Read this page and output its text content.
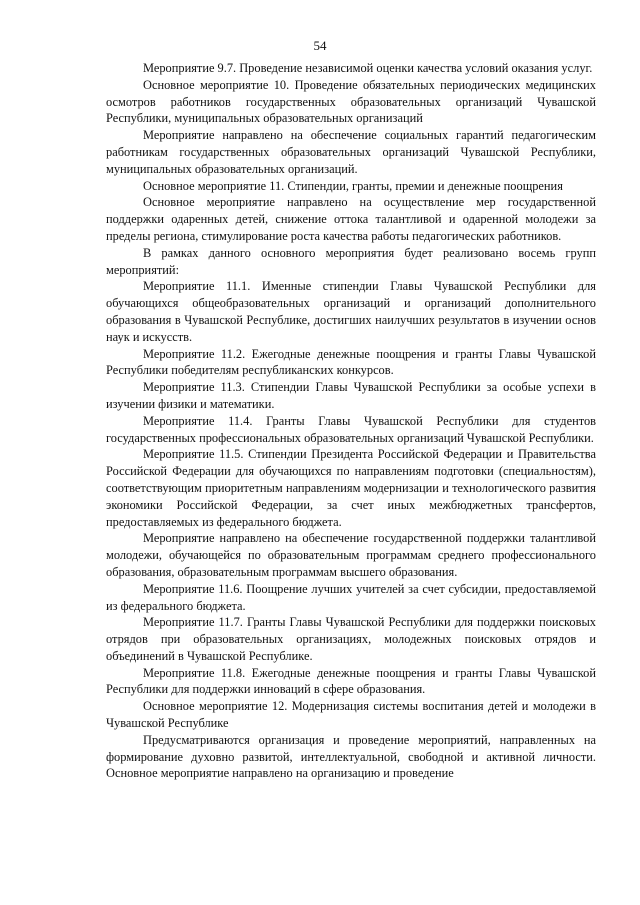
54

Мероприятие 9.7. Проведение независимой оценки качества условий оказания услуг.

Основное мероприятие 10. Проведение обязательных периодических медицинских осмотров работников государственных образовательных организаций Чувашской Республики, муниципальных образовательных организаций

Мероприятие направлено на обеспечение социальных гарантий педагогическим работникам государственных образовательных организаций Чувашской Республики, муниципальных образовательных организаций.

Основное мероприятие 11. Стипендии, гранты, премии и денежные поощрения

Основное мероприятие направлено на осуществление мер государственной поддержки одаренных детей, снижение оттока талантливой и одаренной молодежи за пределы региона, стимулирование роста качества работы педагогических работников.

В рамках данного основного мероприятия будет реализовано восемь групп мероприятий:

Мероприятие 11.1. Именные стипендии Главы Чувашской Республики для обучающихся общеобразовательных организаций и организаций дополнительного образования в Чувашской Республике, достигших наилучших результатов в изучении основ наук и искусств.

Мероприятие 11.2. Ежегодные денежные поощрения и гранты Главы Чувашской Республики победителям республиканских конкурсов.

Мероприятие 11.3. Стипендии Главы Чувашской Республики за особые успехи в изучении физики и математики.

Мероприятие 11.4. Гранты Главы Чувашской Республики для студентов государственных профессиональных образовательных организаций Чувашской Республики.

Мероприятие 11.5. Стипендии Президента Российской Федерации и Правительства Российской Федерации для обучающихся по направлениям подготовки (специальностям), соответствующим приоритетным направлениям модернизации и технологического развития экономики Российской Федерации, за счет иных межбюджетных трансфертов, предоставляемых из федерального бюджета.

Мероприятие направлено на обеспечение государственной поддержки талантливой молодежи, обучающейся по образовательным программам среднего профессионального образования, образовательным программам высшего образования.

Мероприятие 11.6. Поощрение лучших учителей за счет субсидии, предоставляемой из федерального бюджета.

Мероприятие 11.7. Гранты Главы Чувашской Республики для поддержки поисковых отрядов при образовательных организациях, молодежных поисковых отрядов и объединений в Чувашской Республике.

Мероприятие 11.8. Ежегодные денежные поощрения и гранты Главы Чувашской Республики для поддержки инноваций в сфере образования.

Основное мероприятие 12. Модернизация системы воспитания детей и молодежи в Чувашской Республике

Предусматриваются организация и проведение мероприятий, направленных на формирование духовно развитой, интеллектуальной, свободной и активной личности. Основное мероприятие направлено на организацию и проведение
